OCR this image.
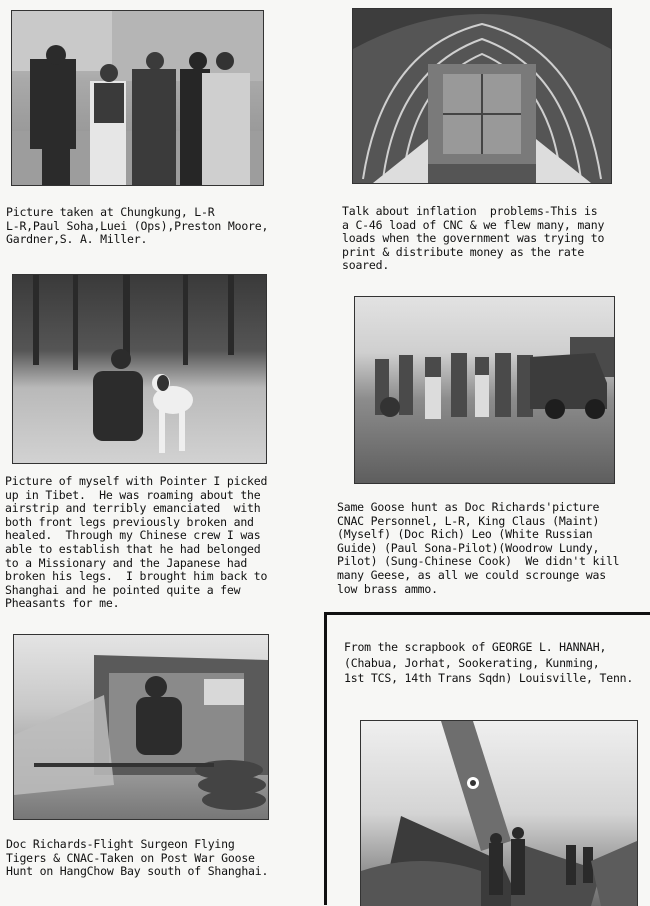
Picture taken at Chungkung, L-R
L-R,Paul Soha,Luei (Ops),Preston Moore,
Gardner,S. A. Miller.

Talk about inflation  problems-This is
a C-46 load of CNC & we flew many, many
loads when the government was trying to
print & distribute money as the rate
soared.

Picture of myself with Pointer I picked
up in Tibet.  He was roaming about the
airstrip and terribly emanciated  with
both front legs previously broken and
healed.  Through my Chinese crew I was
able to establish that he had belonged
to a Missionary and the Japanese had
broken his legs.  I brought him back to
Shanghai and he pointed quite a few
Pheasants for me.

Same Goose hunt as Doc Richards'picture
CNAC Personnel, L-R, King Claus (Maint)
(Myself) (Doc Rich) Leo (White Russian
Guide) (Paul Sona-Pilot)(Woodrow Lundy,
Pilot) (Sung-Chinese Cook)  We didn't kill
many Geese, as all we could scrounge was
low brass ammo.

Doc Richards-Flight Surgeon Flying
Tigers & CNAC-Taken on Post War Goose
Hunt on HangChow Bay south of Shanghai.

From the scrapbook of GEORGE L. HANNAH,
(Chabua, Jorhat, Sookerating, Kunming,
1st TCS, 14th Trans Sqdn) Louisville, Tenn.
